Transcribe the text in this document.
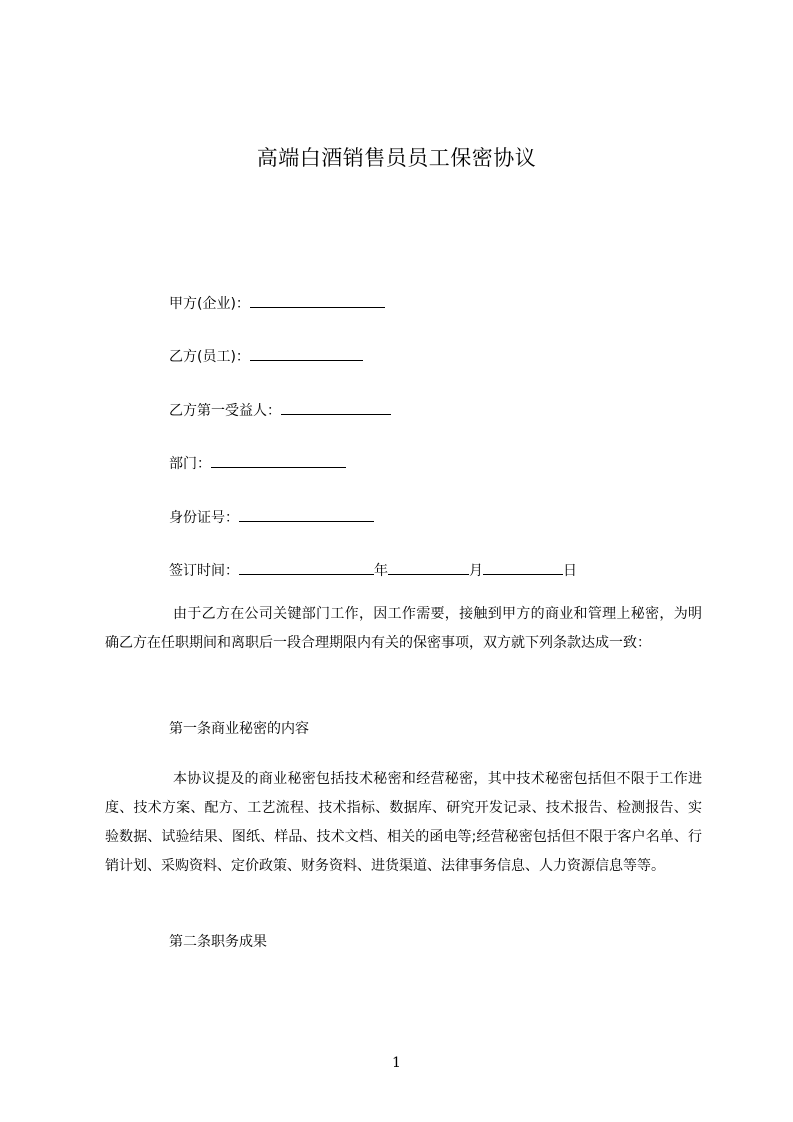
高端白酒销售员员工保密协议
甲方(企业)：
乙方(员工)：
乙方第一受益人：
部门：
身份证号：
签订时间：	年	月	日
由于乙方在公司关键部门工作，因工作需要，接触到甲方的商业和管理上秘密，为明确乙方在任职期间和离职后一段合理期限内有关的保密事项，双方就下列条款达成一致：
第一条商业秘密的内容
本协议提及的商业秘密包括技术秘密和经营秘密，其中技术秘密包括但不限于工作进度、技术方案、配方、工艺流程、技术指标、数据库、研究开发记录、技术报告、检测报告、实验数据、试验结果、图纸、样品、技术文档、相关的函电等;经营秘密包括但不限于客户名单、行销计划、采购资料、定价政策、财务资料、进货渠道、法律事务信息、人力资源信息等等。
第二条职务成果
1
